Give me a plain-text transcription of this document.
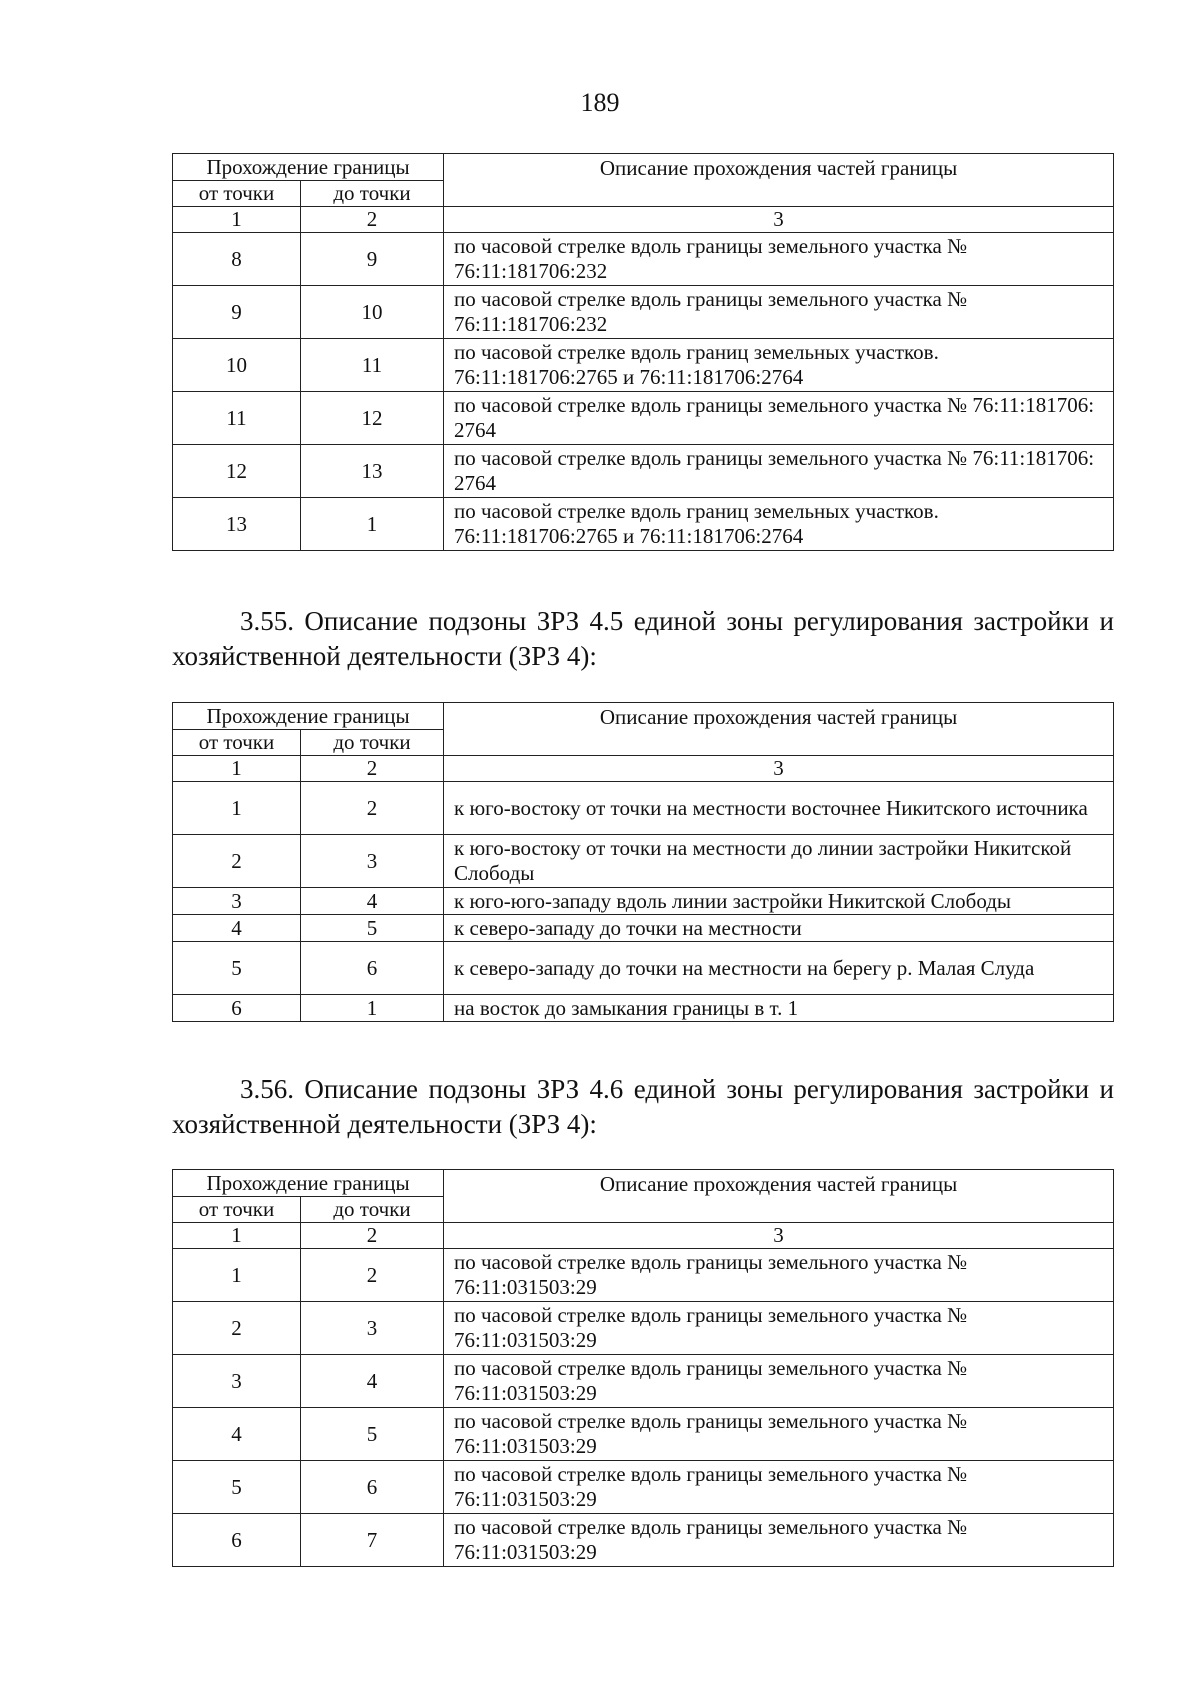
189
Прохождение границы		Описание прохождения частей границы
от точки	до точки	
1	2	3
8	9	по часовой стрелке вдоль границы земельного участка № 76:11:181706:232
9	10	по часовой стрелке вдоль границы земельного участка № 76:11:181706:232
10	11	по часовой стрелке вдоль границ земельных участков. 76:11:181706:2765 и 76:11:181706:2764
11	12	по часовой стрелке вдоль границы земельного участка № 76:11:181706: 2764
12	13	по часовой стрелке вдоль границы земельного участка № 76:11:181706: 2764
13	1	по часовой стрелке вдоль границ земельных участков. 76:11:181706:2765 и 76:11:181706:2764
3.55. Описание подзоны ЗРЗ 4.5 единой зоны регулирования застройки и хозяйственной деятельности (ЗРЗ 4):
Прохождение границы		Описание прохождения частей границы
от точки	до точки	
1	2	3
1	2	к юго-востоку от точки на местности восточнее Никитского источника
2	3	к юго-востоку от точки на местности до линии застройки Никитской Слободы
3	4	к юго-юго-западу вдоль линии застройки Никитской Слободы
4	5	к северо-западу до точки на местности
5	6	к северо-западу до точки на местности на берегу р. Малая Слуда
6	1	на восток до замыкания границы в т. 1
3.56. Описание подзоны ЗРЗ 4.6 единой зоны регулирования застройки и хозяйственной деятельности (ЗРЗ 4):
Прохождение границы		Описание прохождения частей границы
от точки	до точки	
1	2	3
1	2	по часовой стрелке вдоль границы земельного участка № 76:11:031503:29
2	3	по часовой стрелке вдоль границы земельного участка № 76:11:031503:29
3	4	по часовой стрелке вдоль границы земельного участка № 76:11:031503:29
4	5	по часовой стрелке вдоль границы земельного участка № 76:11:031503:29
5	6	по часовой стрелке вдоль границы земельного участка № 76:11:031503:29
6	7	по часовой стрелке вдоль границы земельного участка № 76:11:031503:29
